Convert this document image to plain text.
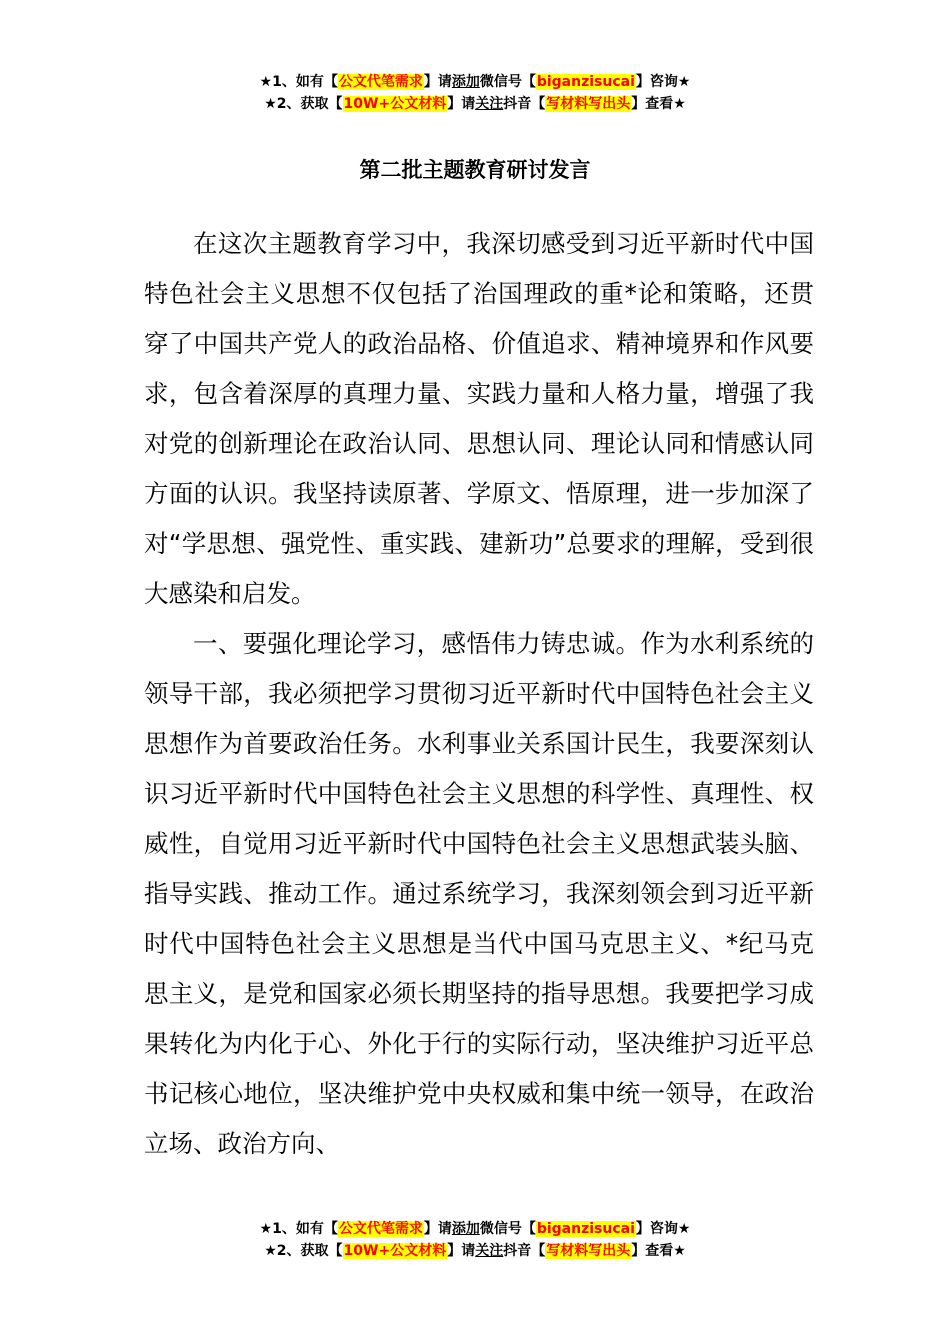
★1、如有【公文代笔需求】请添加微信号【biganzisucai】咨询★
★2、获取【10W+公文材料】请关注抖音【写材料写出头】查看★
第二批主题教育研讨发言

在这次主题教育学习中，我深切感受到习近平新时代中国特色社会主义思想不仅包括了治国理政的重*论和策略，还贯穿了中国共产党人的政治品格、价值追求、精神境界和作风要求，包含着深厚的真理力量、实践力量和人格力量，增强了我对党的创新理论在政治认同、思想认同、理论认同和情感认同方面的认识。我坚持读原著、学原文、悟原理，进一步加深了对“学思想、强党性、重实践、建新功”总要求的理解，受到很大感染和启发。

一、要强化理论学习，感悟伟力铸忠诚。作为水利系统的领导干部，我必须把学习贯彻习近平新时代中国特色社会主义思想作为首要政治任务。水利事业关系国计民生，我要深刻认识习近平新时代中国特色社会主义思想的科学性、真理性、权威性，自觉用习近平新时代中国特色社会主义思想武装头脑、指导实践、推动工作。通过系统学习，我深刻领会到习近平新时代中国特色社会主义思想是当代中国马克思主义、*纪马克思主义，是党和国家必须长期坚持的指导思想。我要把学习成果转化为内化于心、外化于行的实际行动，坚决维护习近平总书记核心地位，坚决维护党中央权威和集中统一领导，在政治立场、政治方向、

★1、如有【公文代笔需求】请添加微信号【biganzisucai】咨询★
★2、获取【10W+公文材料】请关注抖音【写材料写出头】查看★
